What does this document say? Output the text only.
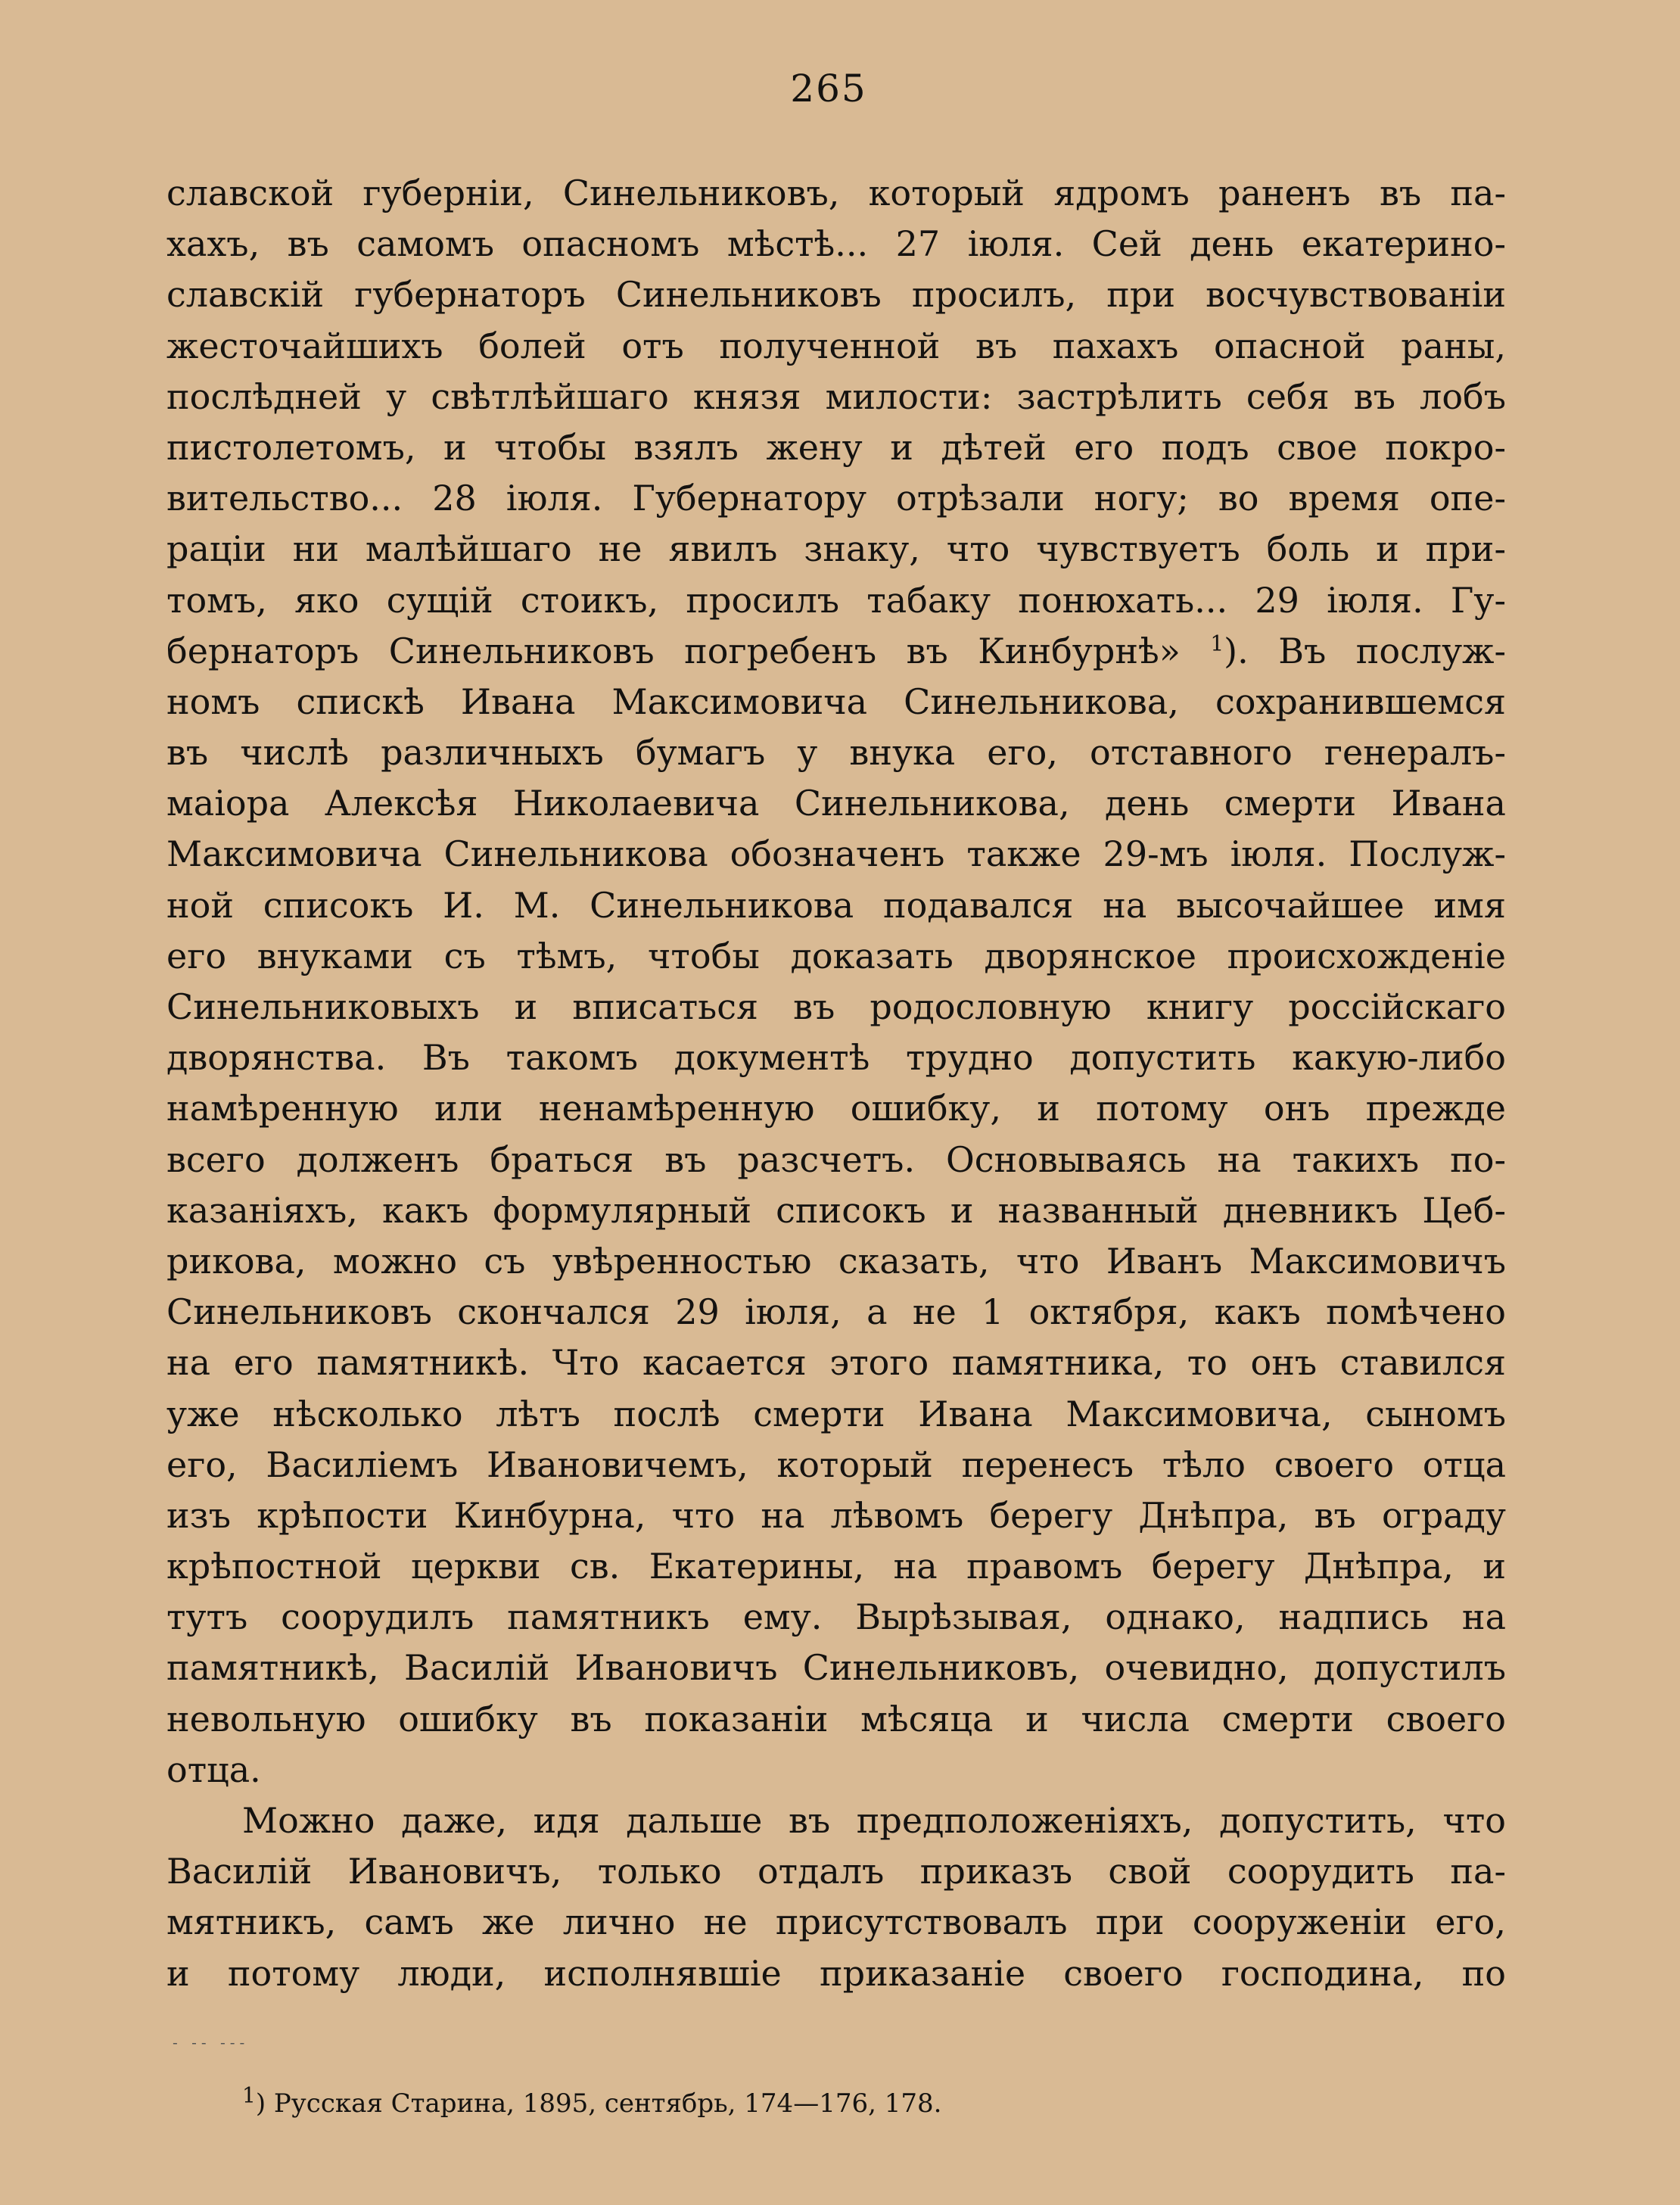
265
славской губерніи, Синельниковъ, который ядромъ раненъ въ па-
хахъ, въ самомъ опасномъ мѣстѣ... 27 іюля. Сей день екатерино-
славскій губернаторъ Синельниковъ просилъ, при восчувствованіи
жесточайшихъ болей отъ полученной въ пахахъ опасной раны,
послѣдней у свѣтлѣйшаго князя милости: застрѣлить себя въ лобъ
пистолетомъ, и чтобы взялъ жену и дѣтей его подъ свое покро-
вительство... 28 іюля. Губернатору отрѣзали ногу; во время опе-
раціи ни малѣйшаго не явилъ знаку, что чувствуетъ боль и при-
томъ, яко сущій стоикъ, просилъ табаку понюхать... 29 іюля. Гу-
бернаторъ Синельниковъ погребенъ въ Кинбурнѣ» $^1$). Въ послуж-
номъ спискѣ Ивана Максимовича Синельникова, сохранившемся
въ числѣ различныхъ бумагъ у внука его, отставного генералъ-
маіора Алексѣя Николаевича Синельникова, день смерти Ивана
Максимовича Синельникова обозначенъ также 29-мъ іюля. Послуж-
ной списокъ И. М. Синельникова подавался на высочайшее имя
его внуками съ тѣмъ, чтобы доказать дворянское происхожденіе
Синельниковыхъ и вписаться въ родословную книгу россійскаго
дворянства. Въ такомъ документѣ трудно допустить какую-либо
намѣренную или ненамѣренную ошибку, и потому онъ прежде
всего долженъ браться въ разсчетъ. Основываясь на такихъ по-
казаніяхъ, какъ формулярный списокъ и названный дневникъ Цеб-
рикова, можно съ увѣренностью сказать, что Иванъ Максимовичъ
Синельниковъ скончался 29 іюля, а не 1 октября, какъ помѣчено
на его памятникѣ. Что касается этого памятника, то онъ ставился
уже нѣсколько лѣтъ послѣ смерти Ивана Максимовича, сыномъ
его, Василіемъ Ивановичемъ, который перенесъ тѣло своего отца
изъ крѣпости Кинбурна, что на лѣвомъ берегу Днѣпра, въ ограду
крѣпостной церкви св. Екатерины, на правомъ берегу Днѣпра, и
тутъ соорудилъ памятникъ ему. Вырѣзывая, однако, надпись на
памятникѣ, Василій Ивановичъ Синельниковъ, очевидно, допустилъ
невольную ошибку въ показаніи мѣсяца и числа смерти своего
отца.
Можно даже, идя дальше въ предположеніяхъ, допустить, что
Василій Ивановичъ, только отдалъ приказъ свой соорудить па-
мятникъ, самъ же лично не присутствовалъ при сооруженіи его,
и потому люди, исполнявшіе приказаніе своего господина, по
- -- ---
$^1$) Русская Старина, 1895, сентябрь, 174—176, 178.
